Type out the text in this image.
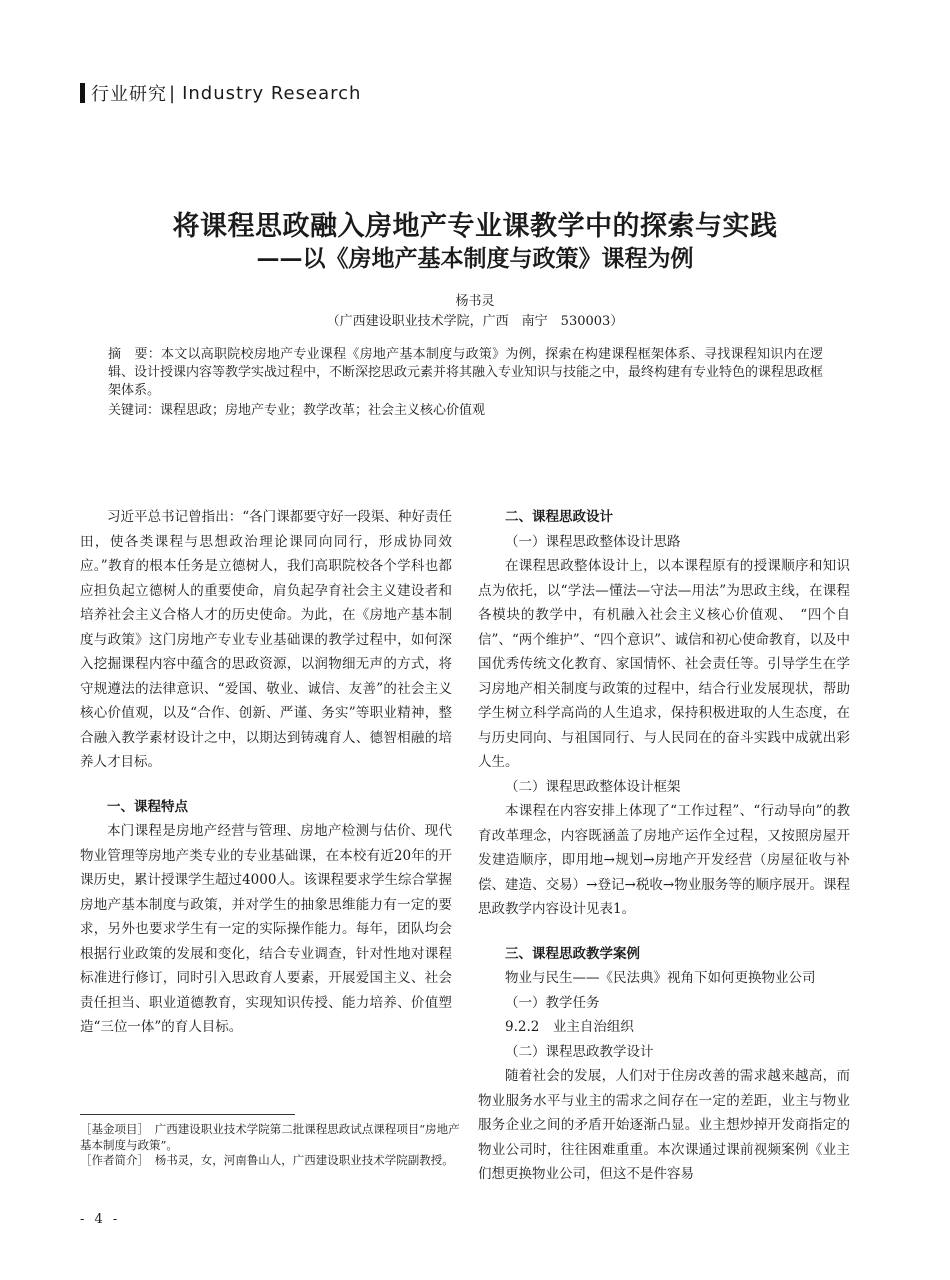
行业研究 | Industry Research
将课程思政融入房地产专业课教学中的探索与实践
——以《房地产基本制度与政策》课程为例
杨书灵
（广西建设职业技术学院，广西　南宁　530003）
摘　要：本文以高职院校房地产专业课程《房地产基本制度与政策》为例，探索在构建课程框架体系、寻找课程知识内在逻辑、设计授课内容等教学实战过程中，不断深挖思政元素并将其融入专业知识与技能之中，最终构建有专业特色的课程思政框架体系。
关键词：课程思政；房地产专业；教学改革；社会主义核心价值观

习近平总书记曾指出：“各门课都要守好一段渠、种好责任田，使各类课程与思想政治理论课同向同行，形成协同效应。”教育的根本任务是立德树人，我们高职院校各个学科也都应担负起立德树人的重要使命，肩负起孕育社会主义建设者和培养社会主义合格人才的历史使命。为此，在《房地产基本制度与政策》这门房地产专业专业基础课的教学过程中，如何深入挖掘课程内容中蕴含的思政资源，以润物细无声的方式，将守规遵法的法律意识、“爱国、敬业、诚信、友善”的社会主义核心价值观，以及“合作、创新、严谨、务实”等职业精神，整合融入教学素材设计之中，以期达到铸魂育人、德智相融的培养人才目标。

一、课程特点

本门课程是房地产经营与管理、房地产检测与估价、现代物业管理等房地产类专业的专业基础课，在本校有近20年的开课历史，累计授课学生超过4000人。该课程要求学生综合掌握房地产基本制度与政策，并对学生的抽象思维能力有一定的要求，另外也要求学生有一定的实际操作能力。每年，团队均会根据行业政策的发展和变化，结合专业调查，针对性地对课程标准进行修订，同时引入思政育人要素，开展爱国主义、社会责任担当、职业道德教育，实现知识传授、能力培养、价值塑造“三位一体”的育人目标。

二、课程思政设计

（一）课程思政整体设计思路

在课程思政整体设计上，以本课程原有的授课顺序和知识点为依托，以“学法—懂法—守法—用法”为思政主线，在课程各模块的教学中，有机融入社会主义核心价值观、　“四个自信”、“两个维护”、“四个意识”、诚信和初心使命教育，以及中国优秀传统文化教育、家国情怀、社会责任等。引导学生在学习房地产相关制度与政策的过程中，结合行业发展现状，帮助学生树立科学高尚的人生追求，保持积极进取的人生态度，在与历史同向、与祖国同行、与人民同在的奋斗实践中成就出彩人生。

（二）课程思政整体设计框架

本课程在内容安排上体现了“工作过程”、“行动导向”的教育改革理念，内容既涵盖了房地产运作全过程，又按照房屋开发建造顺序，即用地→规划→房地产开发经营（房屋征收与补偿、建造、交易）→登记→税收→物业服务等的顺序展开。课程思政教学内容设计见表1。

三、课程思政教学案例

物业与民生——《民法典》视角下如何更换物业公司

（一）教学任务

9.2.2　业主自治组织

（二）课程思政教学设计

随着社会的发展，人们对于住房改善的需求越来越高，而物业服务水平与业主的需求之间存在一定的差距，业主与物业服务企业之间的矛盾开始逐渐凸显。业主想炒掉开发商指定的物业公司时，往往困难重重。本次课通过课前视频案例《业主们想更换物业公司，但这不是件容易

［基金项目］　广西建设职业技术学院第二批课程思政试点课程项目“房地产基本制度与政策”。
［作者简介］　杨书灵，女，河南鲁山人，广西建设职业技术学院副教授。
- 4 -
